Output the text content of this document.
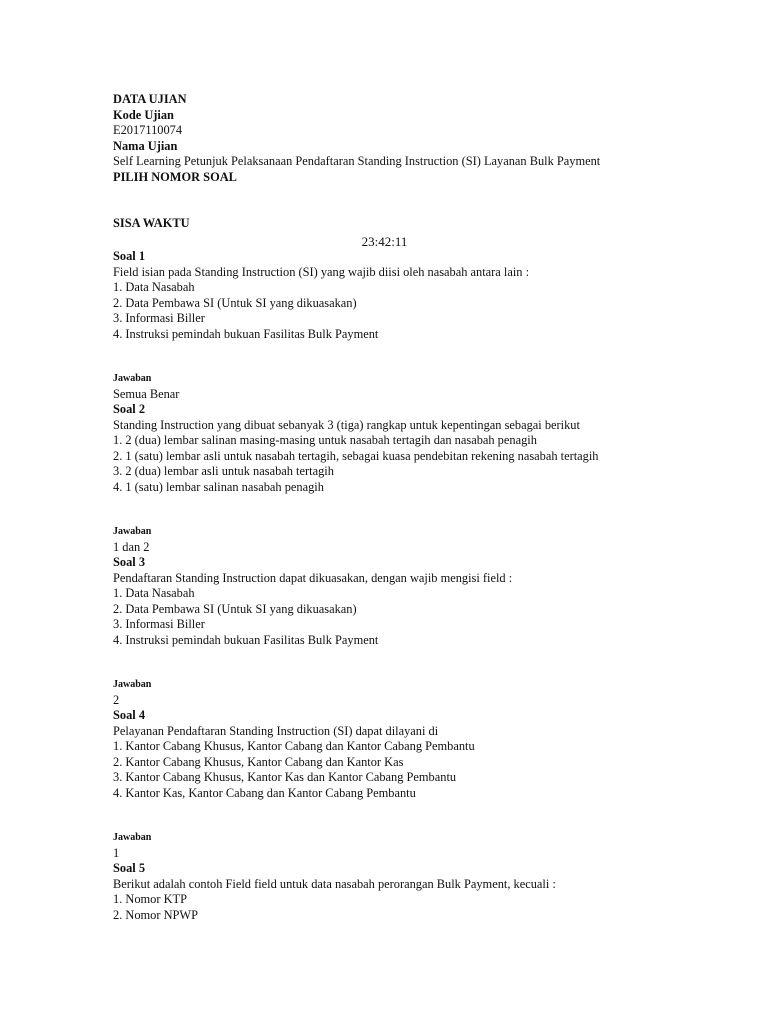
DATA UJIAN
Kode Ujian
E2017110074
Nama Ujian
Self Learning Petunjuk Pelaksanaan Pendaftaran Standing Instruction (SI) Layanan Bulk Payment
PILIH NOMOR SOAL
SISA WAKTU
23:42:11
Soal 1
Field isian pada Standing Instruction (SI) yang wajib diisi oleh nasabah antara lain :
1. Data Nasabah
2. Data Pembawa SI (Untuk SI yang dikuasakan)
3. Informasi Biller
4. Instruksi pemindah bukuan Fasilitas Bulk Payment
Jawaban
Semua Benar
Soal 2
Standing Instruction yang dibuat sebanyak 3 (tiga) rangkap untuk kepentingan sebagai berikut
1. 2 (dua) lembar salinan masing-masing untuk nasabah tertagih dan nasabah penagih
2. 1 (satu) lembar asli untuk nasabah tertagih, sebagai kuasa pendebitan rekening nasabah tertagih
3. 2 (dua) lembar asli untuk nasabah tertagih
4. 1 (satu) lembar salinan nasabah penagih
Jawaban
1 dan 2
Soal 3
Pendaftaran Standing Instruction dapat dikuasakan, dengan wajib mengisi field :
1. Data Nasabah
2. Data Pembawa SI (Untuk SI yang dikuasakan)
3. Informasi Biller
4. Instruksi pemindah bukuan Fasilitas Bulk Payment
Jawaban
2
Soal 4
Pelayanan Pendaftaran Standing Instruction (SI) dapat dilayani di
1. Kantor Cabang Khusus, Kantor Cabang dan Kantor Cabang Pembantu
2. Kantor Cabang Khusus, Kantor Cabang dan Kantor Kas
3. Kantor Cabang Khusus, Kantor Kas dan Kantor Cabang Pembantu
4. Kantor Kas, Kantor Cabang dan Kantor Cabang Pembantu
Jawaban
1
Soal 5
Berikut adalah contoh Field field untuk data nasabah perorangan Bulk Payment, kecuali :
1. Nomor KTP
2. Nomor NPWP
